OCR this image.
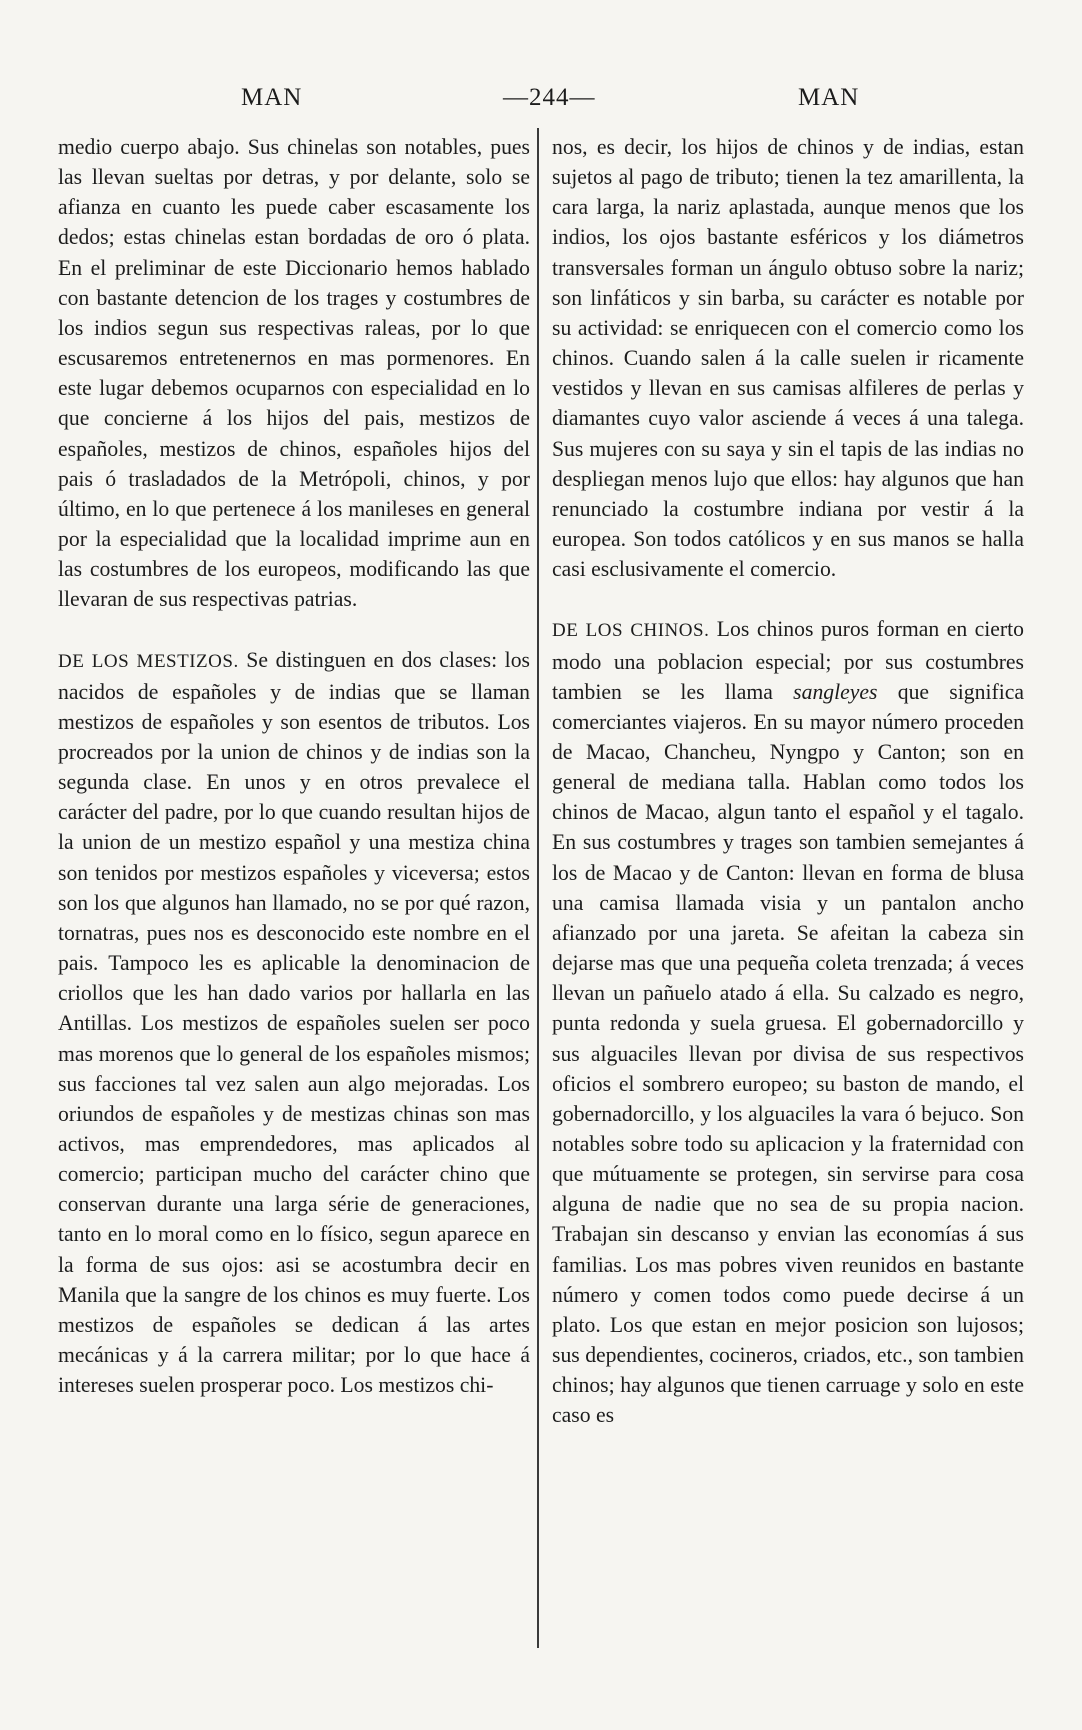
MAN	—244—	MAN

medio cuerpo abajo. Sus chinelas son notables, pues las llevan sueltas por detras, y por delante, solo se afianza en cuanto les puede caber escasamente los dedos; estas chinelas estan bordadas de oro ó plata. En el preliminar de este Diccionario hemos hablado con bastante detencion de los trages y costumbres de los indios segun sus respectivas raleas, por lo que escusaremos entretenernos en mas pormenores. En este lugar debemos ocuparnos con especialidad en lo que concierne á los hijos del pais, mestizos de españoles, mestizos de chinos, españoles hijos del pais ó trasladados de la Metrópoli, chinos, y por último, en lo que pertenece á los manileses en general por la especialidad que la localidad imprime aun en las costumbres de los europeos, modificando las que llevaran de sus respectivas patrias.

DE LOS MESTIZOS. Se distinguen en dos clases: los nacidos de españoles y de indias que se llaman mestizos de españoles y son esentos de tributos. Los procreados por la union de chinos y de indias son la segunda clase. En unos y en otros prevalece el carácter del padre, por lo que cuando resultan hijos de la union de un mestizo español y una mestiza china son tenidos por mestizos españoles y viceversa; estos son los que algunos han llamado, no se por qué razon, tornatras, pues nos es desconocido este nombre en el pais. Tampoco les es aplicable la denominacion de criollos que les han dado varios por hallarla en las Antillas. Los mestizos de españoles suelen ser poco mas morenos que lo general de los españoles mismos; sus facciones tal vez salen aun algo mejoradas. Los oriundos de españoles y de mestizas chinas son mas activos, mas emprendedores, mas aplicados al comercio; participan mucho del carácter chino que conservan durante una larga série de generaciones, tanto en lo moral como en lo físico, segun aparece en la forma de sus ojos: asi se acostumbra decir en Manila que la sangre de los chinos es muy fuerte. Los mestizos de españoles se dedican á las artes mecánicas y á la carrera militar; por lo que hace á intereses suelen prosperar poco. Los mestizos chi-

nos, es decir, los hijos de chinos y de indias, estan sujetos al pago de tributo; tienen la tez amarillenta, la cara larga, la nariz aplastada, aunque menos que los indios, los ojos bastante esféricos y los diámetros transversales forman un ángulo obtuso sobre la nariz; son linfáticos y sin barba, su carácter es notable por su actividad: se enriquecen con el comercio como los chinos. Cuando salen á la calle suelen ir ricamente vestidos y llevan en sus camisas alfileres de perlas y diamantes cuyo valor asciende á veces á una talega. Sus mujeres con su saya y sin el tapis de las indias no despliegan menos lujo que ellos: hay algunos que han renunciado la costumbre indiana por vestir á la europea. Son todos católicos y en sus manos se halla casi esclusivamente el comercio.

DE LOS CHINOS. Los chinos puros forman en cierto modo una poblacion especial; por sus costumbres tambien se les llama sangleyes que significa comerciantes viajeros. En su mayor número proceden de Macao, Chancheu, Nyngpo y Canton; son en general de mediana talla. Hablan como todos los chinos de Macao, algun tanto el español y el tagalo. En sus costumbres y trages son tambien semejantes á los de Macao y de Canton: llevan en forma de blusa una camisa llamada visia y un pantalon ancho afianzado por una jareta. Se afeitan la cabeza sin dejarse mas que una pequeña coleta trenzada; á veces llevan un pañuelo atado á ella. Su calzado es negro, punta redonda y suela gruesa. El gobernadorcillo y sus alguaciles llevan por divisa de sus respectivos oficios el sombrero europeo; su baston de mando, el gobernadorcillo, y los alguaciles la vara ó bejuco. Son notables sobre todo su aplicacion y la fraternidad con que mútuamente se protegen, sin servirse para cosa alguna de nadie que no sea de su propia nacion. Trabajan sin descanso y envian las economías á sus familias. Los mas pobres viven reunidos en bastante número y comen todos como puede decirse á un plato. Los que estan en mejor posicion son lujosos; sus dependientes, cocineros, criados, etc., son tambien chinos; hay algunos que tienen carruage y solo en este caso es
